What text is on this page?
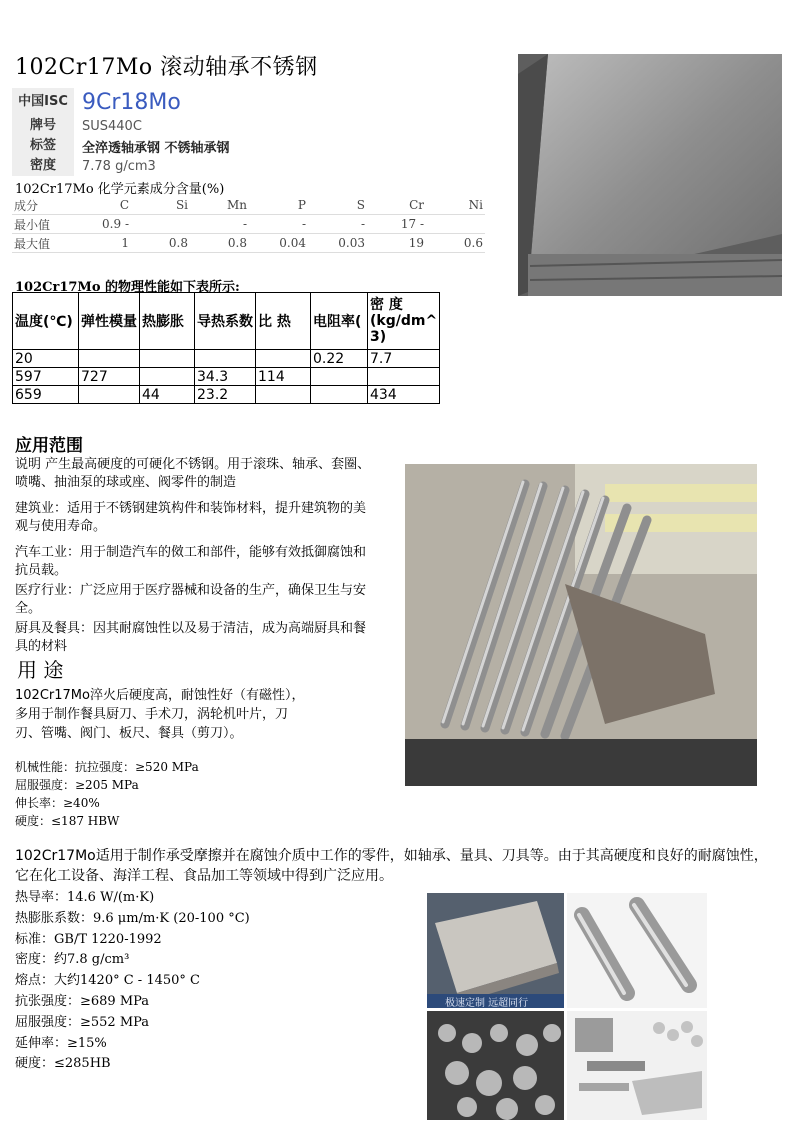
102Cr17Mo 滚动轴承不锈钢
中国ISC 9Cr18Mo
牌号	SUS440C
标签	全淬透轴承钢 不锈轴承钢
密度	7.78 g/cm3
102Cr17Mo 化学元素成分含量(%)
成分	C	Si	Mn	P	S	Cr	Ni
最小值	0.9 -		-	-	-	17 -	
最大值	1	0.8	0.8	0.04	0.03	19	0.6
102Cr17Mo 的物理性能如下表所示:
温度(℃)	弹性模量	热膨胀	导热系数	比 热	电阻率(	密 度 (kg/dm^ 3)
20					0.22	7.7
597	727		34.3	114		
659		44	23.2			434
应用范围
说明 产生最高硬度的可硬化不锈钢。用于滚珠、轴承、套圈、喷嘴、抽油泵的球或座、阀零件的制造
建筑业：适用于不锈钢建筑构件和装饰材料，提升建筑物的美观与使用寿命。
汽车工业：用于制造汽车的傚工和部件，能够有效抵御腐蚀和抗员载。
医疗行业：广泛应用于医疗器械和设备的生产，确保卫生与安全。
厨具及餐具：因其耐腐蚀性以及易于清洁，成为高端厨具和餐具的材料
用 途
102Cr17Mo淬火后硬度高，耐蚀性好（有磁性），多用于制作餐具厨刀、手术刀，涡轮机叶片，刀刃、管嘴、阀门、板尺、餐具（剪刀）。
机械性能：抗拉强度：≥520 MPa
屈服强度：≥205 MPa
伸长率：≥40%
硬度：≤187 HBW
102Cr17Mo适用于制作承受摩擦并在腐蚀介质中工作的零件，如轴承、量具、刀具等。由于其高硬度和良好的耐腐蚀性，它在化工设备、海洋工程、食品加工等领域中得到广泛应用。
热导率：14.6 W/(m·K)
热膨胀系数：9.6 μm/m·K (20-100 °C)
标准：GB/T 1220-1992
密度：约7.8 g/cm³
熔点：大约1420° C - 1450° C
抗张强度：≥689 MPa
屈服强度：≥552 MPa
延伸率：≥15%
硬度：≤285HB
极速定制 远超同行
